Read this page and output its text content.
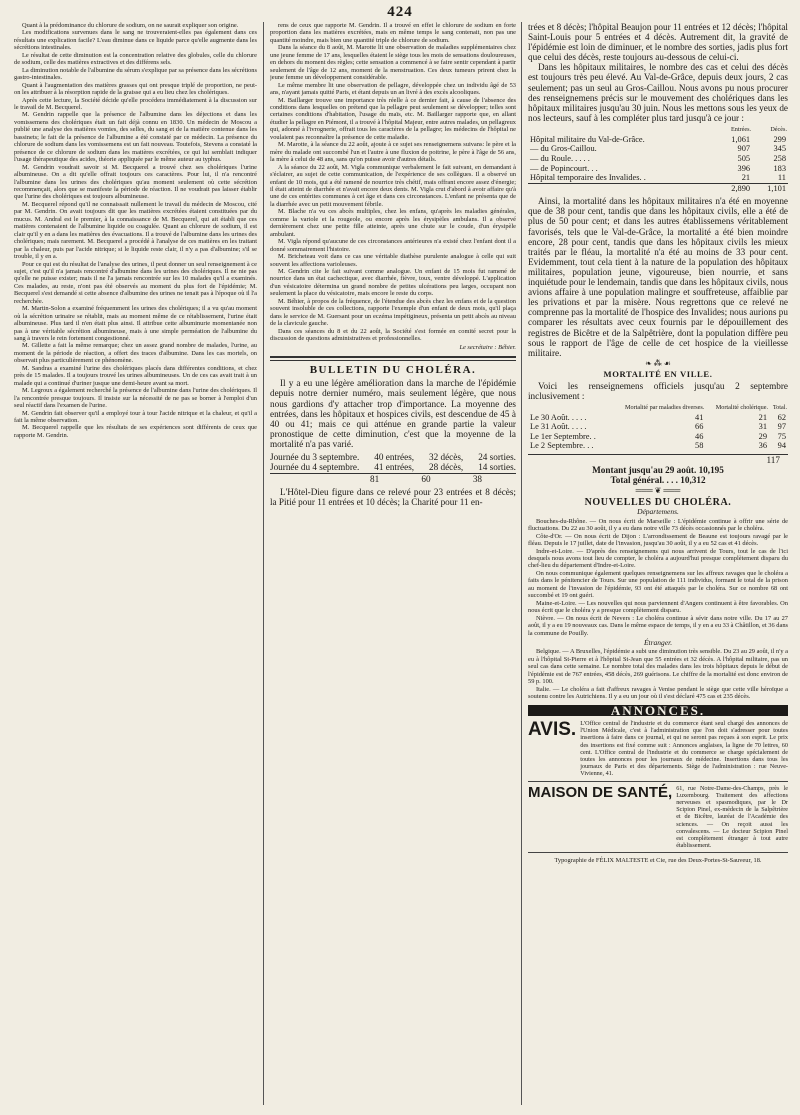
424

Quant à la prédominance du chlorure de sodium, on ne saurait expliquer son origine.

Les modifications survenues dans le sang ne trouveraient-elles pas également dans ces résultats une explication facile? L'eau diminue dans ce liquide parce qu'elle augmente dans les sécrétions intestinales.

Le résultat de cette diminution est la concentration relative des globules, celle du chlorure de sodium, celle des matières extractives et des différens sels.

La diminution notable de l'albumine du sérum s'explique par sa présence dans les sécrétions gastro-intestinales.

Quant à l'augmentation des matières grasses qui ont presque triplé de proportion, ne peut-on les attribuer à la résorption rapide de la graisse qui a eu lieu chez les cholériques.

Après cette lecture, la Société décide qu'elle procédera immédiatement à la discussion sur le travail de M. Becquerel.

M. Gendrin rappelle que la présence de l'albumine dans les déjections et dans les vomissemens des cholériques était un fait déjà connu en 1830. Un médecin de Moscou a publié une analyse des matières vomies, des selles, du sang et de la matière contenue dans les bassinets; le fait de la présence de l'albumine a été constaté par ce médecin. La présence du chlorure de sodium dans les vomissemens est un fait nouveau. Toutefois, Stevens a constaté la présence de ce chlorure de sodium dans les matières excrétées, ce qui lui semblait indiquer l'usage thérapeutique des acides, théorie appliquée par le même auteur au typhus.

M. Gendrin voudrait savoir si M. Becquerel a trouvé chez ses cholériques l'urine albumineuse. On a dit qu'elle offrait toujours ces caractères. Pour lui, il n'a rencontré l'albumine dans les urines des cholériques qu'au moment seulement où cette sécrétion recommençait, alors que se manifeste la période de réaction. Il ne voudrait pas laisser établir que l'urine des cholériques est toujours albumineuse.

M. Becquerel répond qu'il ne connaissait nullement le travail du médecin de Moscou, cité par M. Gendrin. On avait toujours dit que les matières excrétées étaient constituées par du mucus. M. Andral est le premier, à la connaissance de M. Becquerel, qui ait établi que ces matières contenaient de l'albumine liquide ou coagulée. Quant au chlorure de sodium, il est clair qu'il y en a dans les matières des évacuations. Il a trouvé de l'albumine dans les urines des cholériques; mais rarement. M. Becquerel a procédé à l'analyse de ces matières en les traitant par la chaleur, puis par l'acide nitrique; si le liquide reste clair, il n'y a pas d'albumine; s'il se trouble, il y en a.

Pour ce qui est du résultat de l'analyse des urines, il peut donner un seul renseignement à ce sujet, c'est qu'il n'a jamais rencontré d'albumine dans les urines des cholériques. Il ne nie pas qu'elle ne puisse exister; mais il ne l'a jamais rencontrée sur les 10 malades qu'il a examinés. Ces malades, au reste, n'ont pas été observés au moment du plus fort de l'épidémie; M. Becquerel s'est demandé si cette absence d'albumine des urines ne tenait pas à l'époque où il l'a recherchée.

M. Martin-Solon a examiné fréquemment les urines des cholériques; il a vu qu'au moment où la sécrétion urinaire se rétablit, mais au moment même de ce rétablissement, l'urine était albumineuse. Plus tard il n'en était plus ainsi. Il attribue cette albuminurie momentanée non pas à une véritable sécrétion albumineuse, mais à une simple perméation de l'albumine du sang à travers le rein fortement congestionné.

M. Gillette a fait la même remarque; chez un assez grand nombre de malades, l'urine, au moment de la période de réaction, a offert des traces d'albumine. Dans les cas mortels, on observait plus particulièrement ce phénomène.

M. Sandras a examiné l'urine des cholériques placés dans différentes conditions, et chez près de 15 malades. Il a toujours trouvé les urines albumineuses. Un de ces cas avait trait à un malade qui a continué d'uriner jusque une demi-heure avant sa mort.

M. Legroux a également recherché la présence de l'albumine dans l'urine des cholériques. Il l'a rencontrée presque toujours. Il insiste sur la nécessité de ne pas se borner à l'emploi d'un seul réactif dans l'examen de l'urine.

M. Gendrin fait observer qu'il a employé tour à tour l'acide nitrique et la chaleur, et qu'il a fait la même observation.

M. Becquerel rappelle que les résultats de ses expériences sont différents de ceux que rapporte M. Gendrin.

rens de ceux que rapporte M. Gendrin. Il a trouvé en effet le chlorure de sodium en forte proportion dans les matières excrétées, mais en même temps le sang contenait, non pas une quantité moindre, mais bien une quantité triple de chlorure de sodium.

Dans la séance du 8 août, M. Marotte lit une observation de maladies supplémentaires chez une jeune femme de 17 ans, lesquelles étaient le siège tous les mois de sensations douloureuses, en dehors du moment des règles; cette sensation a commencé à se faire sentir cependant à partir seulement de l'âge de 12 ans, moment de la menstruation. Ces deux tumeurs prirent chez la jeune femme un développement considérable.

Le même membre lit une observation de pellagre, développée chez un individu âgé de 53 ans, n'ayant jamais quitté Paris, et étant depuis un an livré à des excès alcooliques.

M. Baillarger trouve une importance très réelle à ce dernier fait, à cause de l'absence des conditions dans lesquelles on prétend que la pellagre peut seulement se développer; telles sont certaines conditions d'habitation, l'usage du maïs, etc. M. Baillarger rapporte que, en allant étudier la pellagre en Piémont, il a trouvé à l'hôpital Majeur, entre autres malades, un pellagreux qui, adonné à l'ivrognerie, offrait tous les caractères de la pellagre; les médecins de l'hôpital ne voulaient pas reconnaître la présence de cette maladie.

M. Marotte, à la séance du 22 août, ajoute à ce sujet ses renseignemens suivans: le père et la mère du malade ont succombé l'un et l'autre à une fluxion de poitrine, le père à l'âge de 56 ans, la mère à celui de 48 ans, sans qu'on puisse avoir d'autres détails.

A la séance du 22 août, M. Vigla communique verbalement le fait suivant, en demandant à s'éclairer, au sujet de cette communication, de l'expérience de ses collègues. Il a observé un enfant de 10 mois, qui a été ramené de nourrice très chétif, mais offrant encore assez d'énergie; il était atteint de diarrhée et n'avait encore deux dents. M. Vigla crut d'abord à avoir affaire qu'à une de ces entérites communes à cet âge et dans ces circonstances. L'enfant ne présenta que de la diarrhée avec un petit mouvement fébrile.

M. Blache n'a vu ces abcès multiples, chez les enfans, qu'après les maladies générales, comme la variole et la rougeole, ou encore après les érysipèles ambulans. Il a observé dernièrement chez une petite fille atteinte, après une chute sur le coude, d'un érysipèle ambulant.

M. Vigla répond qu'aucune de ces circonstances antérieures n'a existé chez l'enfant dont il a donné sommairement l'histoire.

M. Bricheteau voit dans ce cas une véritable diathèse purulente analogue à celle qui suit souvent les affections varioleuses.

M. Gendrin cite le fait suivant comme analogue. Un enfant de 15 mois fut ramené de nourrice dans un état cachectique, avec diarrhée, fièvre, toux, ventre développé. L'application d'un vésicatoire détermina un grand nombre de petites ulcérations peu larges, occupant non seulement la place du vésicatoire, mais encore le reste du corps.

M. Béhier, à propos de la fréquence, de l'étendue des abcès chez les enfans et de la question souvent insoluble de ces collections, rapporte l'exemple d'un enfant de deux mois, qu'il plaça dans le service de M. Guersant pour un eczéma impétigineux, présenta un petit abcès au niveau de la clavicule gauche.

Dans ces séances du 8 et du 22 août, la Société s'est formée en comité secret pour la discussion de questions administratives et professionnelles.

Le secrétaire : Béhier.
BULLETIN DU CHOLÉRA.

Il y a eu une légère amélioration dans la marche de l'épidémie depuis notre dernier numéro, mais seulement légère, que nous nous gardions d'y attacher trop d'importance. La moyenne des entrées, dans les hôpitaux et hospices civils, est descendue de 45 à 40 ou 41; mais ce qui atténue en grande partie la valeur pronostique de cette diminution, c'est que la moyenne de la mortalité n'a pas varié.

Journée du 3 septembre. 40 entrées, 32 décès, 24 sorties.
Journée du 4 septembre. 41 entrées, 28 décès, 14 sorties.
81	60	38

L'Hôtel-Dieu figure dans ce relevé pour 23 entrées et 8 décès; la Pitié pour 11 entrées et 10 décès; la Charité pour 11 en-

trées et 8 décès; l'hôpital Beaujon pour 11 entrées et 12 décès; l'hôpital Saint-Louis pour 5 entrées et 4 décès. Autrement dit, la gravité de l'épidémie est loin de diminuer, et le nombre des sorties, jadis plus fort que celui des décès, reste toujours au-dessous de celui-ci.

Dans les hôpitaux militaires, le nombre des cas et celui des décès est toujours très peu élevé. Au Val-de-Grâce, depuis deux jours, 2 cas seulement; pas un seul au Gros-Caillou. Nous avons pu nous procurer des renseignemens précis sur le mouvement des cholériques dans les hôpitaux militaires jusqu'au 30 juin. Nous les mettons sous les yeux de nos lecteurs, sauf à les compléter plus tard jusqu'à ce jour :

	Entrées.	Décès.
Hôpital militaire du Val-de-Grâce.	1,061	299
— du Gros-Caillou.	907	345
— du Roule. . . . .	505	258
— de Popincourt. . .	396	183
Hôpital temporaire des Invalides. .	21	11
	2,890	1,101

Ainsi, la mortalité dans les hôpitaux militaires n'a été en moyenne que de 38 pour cent, tandis que dans les hôpitaux civils, elle a été de plus de 50 pour cent; et dans les autres établissemens véritablement favorisés, tels que le Val-de-Grâce, la mortalité a été bien moindre encore, 28 pour cent, tandis que dans les hôpitaux civils les mieux traités par le fléau, la mortalité n'a été au moins de 33 pour cent. Evidemment, tout cela tient à la nature de la population des hôpitaux militaires, population jeune, vigoureuse, bien nourrie, et sans inquiétude pour le lendemain, tandis que dans les hôpitaux civils, nous avions affaire à une population malingre et souffreteuse, affaiblie par les privations et par la misère. Nous regrettons que ce relevé ne comprenne pas la mortalité de l'hospice des Invalides; nous aurions pu comparer les résultats avec ceux fournis par le dépouillement des registres de Bicêtre et de la Salpêtrière, dont la population diffère peu sous le rapport de l'âge de celle de cet hospice de la vieillesse militaire.

❧ ⁂ ☙
MORTALITÉ EN VILLE.

Voici les renseignemens officiels jusqu'au 2 septembre inclusivement :

	Mortalité par maladies diverses.	Mortalité cholérique.	Total.
Le 30 Août. . . . .	41	21	62
Le 31 Août. . . . .	66	31	97
Le 1er Septembre. .	46	29	75
Le 2 Septembre. . .	58	36	94
117
Montant jusqu'au 29 août. 10,195
Total général. . . . 10,312
═══ ❦ ═══
NOUVELLES DU CHOLÉRA.
Départemens.

Bouches-du-Rhône. — On nous écrit de Marseille : L'épidémie continue à offrir une série de fluctuations. Du 22 au 30 août, il y a eu dans notre ville 73 décès occasionnés par le choléra.

Côte-d'Or. — On nous écrit de Dijon : L'arrondissement de Beaune est toujours ravagé par le fléau. Depuis le 17 juillet, date de l'invasion, jusqu'au 30 août, il y a eu 52 cas et 41 décès.

Indre-et-Loire. — D'après des renseignemens qui nous arrivent de Tours, tout le cas de l'ici desquels nous avons tout lieu de compter, le choléra a aujourd'hui presque complètement disparu du chef-lieu du département d'Indre-et-Loire.

On nous communique également quelques renseignemens sur les affreux ravages que le choléra a faits dans le pénitencier de Tours. Sur une population de 111 individus, formant le total de la prison au moment de l'invasion de l'épidémie, 93 ont été attaqués par le choléra. Sur ce nombre 68 ont succombé et 19 ont guéri.

Maine-et-Loire. — Les nouvelles qui nous parviennent d'Angers continuent à être favorables. On nous écrit que le choléra y a presque complètement disparu.

Nièvre. — On nous écrit de Nevers : Le choléra continue à sévir dans notre ville. Du 17 au 27 août, il y a eu 19 nouveaux cas. Dans le même espace de temps, il y en a eu 33 à Châtillon, et 36 dans la commune de Pouilly.

Étranger.

Belgique. — A Bruxelles, l'épidémie a subi une diminution très sensible. Du 23 au 29 août, il n'y a eu à l'hôpital St-Pierre et à l'hôpital St-Jean que 55 entrées et 32 décès. A l'hôpital militaire, pas un seul cas dans cette semaine. Le nombre total des malades dans les trois hôpitaux depuis le début de l'épidémie est de 767 entrées, 458 décès, 269 guérisons. Le chiffre de la mortalité est donc environ de 59 p. 100.

Italie. — Le choléra a fait d'affreux ravages à Venise pendant le siège que cette ville héroïque a soutenu contre les Autrichiens. Il y a eu un jour où il s'est déclaré 475 cas et 235 décès.

ANNONCES.
AVIS. L'Office central de l'industrie et du commerce étant seul chargé des annonces de l'Union Médicale, c'est à l'administration que l'on doit s'adresser pour toutes insertions à faire dans ce journal, et qui ne seront pas reçues à son esprit. Le prix des insertions est fixé comme suit : Annonces anglaises, la ligne de 70 lettres, 60 cent. L'Office central de l'industrie et du commerce se charge spécialement de toutes les annonces pour les journaux de médecine. Insertions dans tous les journaux de Paris et des départements. Siège de l'administration : rue Neuve-Vivienne, 41.
MAISON DE SANTÉ, 61, rue Notre-Dame-des-Champs, près le Luxembourg. Traitement des affections nerveuses et spasmodiques, par le Dr Scipion Pinel, ex-médecin de la Salpêtrière et de Bicêtre, lauréat de l'Académie des sciences. — On reçoit aussi les convalescens. — Le docteur Scipion Pinel est complètement étranger à tout autre établissement.
Typographie de FÉLIX MALTESTE et Cie, rue des Deux-Portes-St-Sauveur, 18.
